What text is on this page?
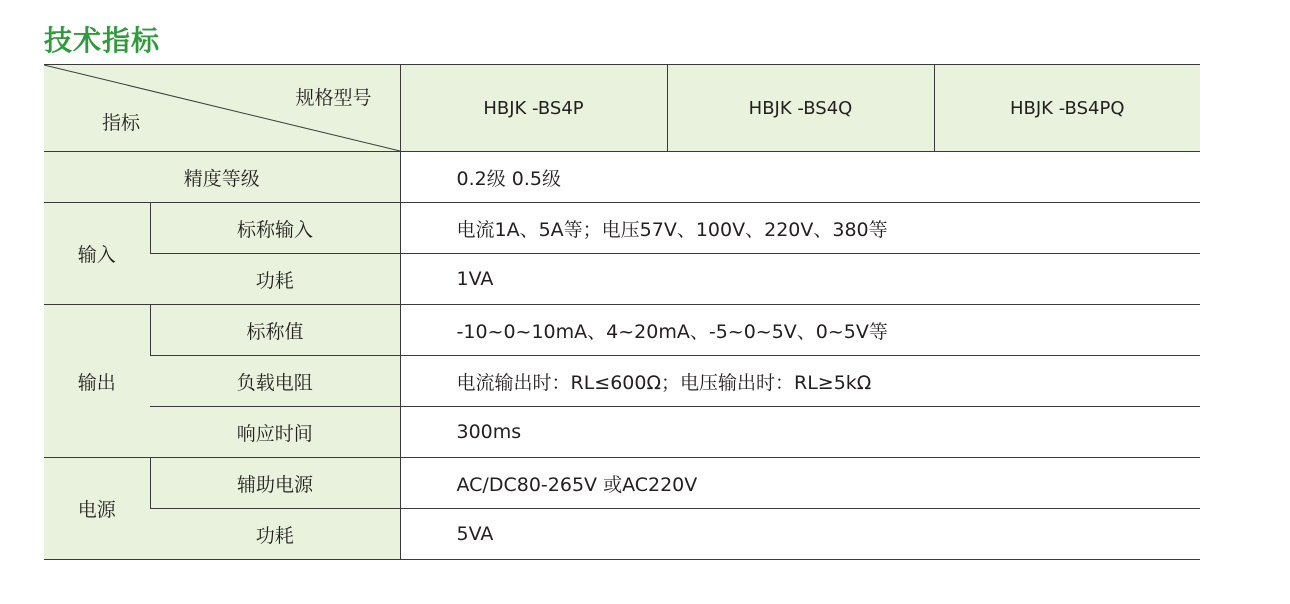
技术指标
规格型号
指标		HBJK -BS4P	HBJK -BS4Q	HBJK -BS4PQ
精度等级		0.2级 0.5级		
输入	标称输入	电流1A、5A等；电压57V、100V、220V、380等		
	功耗	1VA		
输出	标称值	-10~0~10mA、4~20mA、-5~0~5V、0~5V等		
	负载电阻	电流输出时：RL≤600Ω；电压输出时：RL≥5kΩ		
	响应时间	300ms		
电源	辅助电源	AC/DC80-265V 或AC220V		
	功耗	5VA		
